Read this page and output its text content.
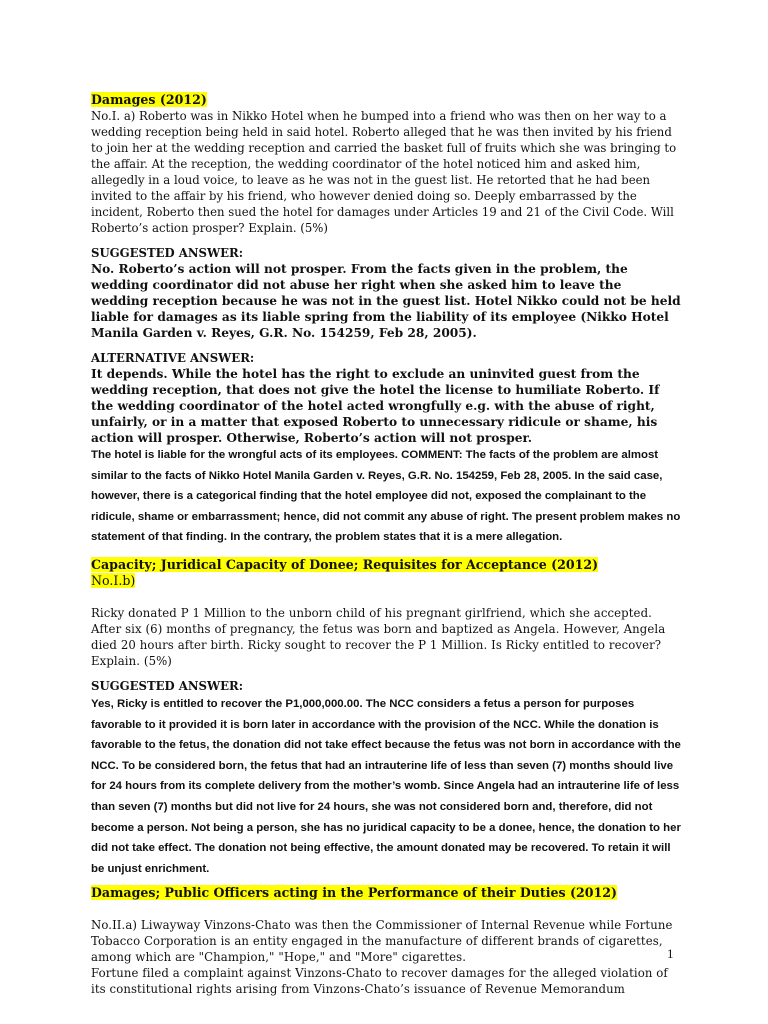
Damages (2012)

No.I. a) Roberto was in Nikko Hotel when he bumped into a friend who was then on her way to a wedding reception being held in said hotel. Roberto alleged that he was then invited by his friend to join her at the wedding reception and carried the basket full of fruits which she was bringing to the affair. At the reception, the wedding coordinator of the hotel noticed him and asked him, allegedly in a loud voice, to leave as he was not in the guest list. He retorted that he had been invited to the affair by his friend, who however denied doing so. Deeply embarrassed by the incident, Roberto then sued the hotel for damages under Articles 19 and 21 of the Civil Code. Will Roberto’s action prosper? Explain. (5%)

SUGGESTED ANSWER:

No. Roberto’s action will not prosper. From the facts given in the problem, the wedding coordinator did not abuse her right when she asked him to leave the wedding reception because he was not in the guest list. Hotel Nikko could not be held liable for damages as its liable spring from the liability of its employee (Nikko Hotel Manila Garden v. Reyes, G.R. No. 154259, Feb 28, 2005).

ALTERNATIVE ANSWER:

It depends. While the hotel has the right to exclude an uninvited guest from the wedding reception, that does not give the hotel the license to humiliate Roberto. If the wedding coordinator of the hotel acted wrongfully e.g. with the abuse of right, unfairly, or in a matter that exposed Roberto to unnecessary ridicule or shame, his action will prosper. Otherwise, Roberto’s action will not prosper.

The hotel is liable for the wrongful acts of its employees. COMMENT: The facts of the problem are almost similar to the facts of Nikko Hotel Manila Garden v. Reyes, G.R. No. 154259, Feb 28, 2005. In the said case, however, there is a categorical finding that the hotel employee did not, exposed the complainant to the ridicule, shame or embarrassment; hence, did not commit any abuse of right. The present problem makes no statement of that finding. In the contrary, the problem states that it is a mere allegation.

Capacity; Juridical Capacity of Donee; Requisites for Acceptance (2012)

No.I.b)

Ricky donated P 1 Million to the unborn child of his pregnant girlfriend, which she accepted. After six (6) months of pregnancy, the fetus was born and baptized as Angela. However, Angela died 20 hours after birth. Ricky sought to recover the P 1 Million. Is Ricky entitled to recover? Explain. (5%)

SUGGESTED ANSWER:

Yes, Ricky is entitled to recover the P1,000,000.00. The NCC considers a fetus a person for purposes favorable to it provided it is born later in accordance with the provision of the NCC. While the donation is favorable to the fetus, the donation did not take effect because the fetus was not born in accordance with the NCC. To be considered born, the fetus that had an intrauterine life of less than seven (7) months should live for 24 hours from its complete delivery from the mother’s womb. Since Angela had an intrauterine life of less than seven (7) months but did not live for 24 hours, she was not considered born and, therefore, did not become a person. Not being a person, she has no juridical capacity to be a donee, hence, the donation to her did not take effect. The donation not being effective, the amount donated may be recovered. To retain it will be unjust enrichment.

Damages; Public Officers acting in the Performance of their Duties (2012)

No.II.a) Liwayway Vinzons-Chato was then the Commissioner of Internal Revenue while Fortune Tobacco Corporation is an entity engaged in the manufacture of different brands of cigarettes, among which are "Champion," "Hope," and "More" cigarettes.

Fortune filed a complaint against Vinzons-Chato to recover damages for the alleged violation of its constitutional rights arising from Vinzons-Chato’s issuance of Revenue Memorandum

1
